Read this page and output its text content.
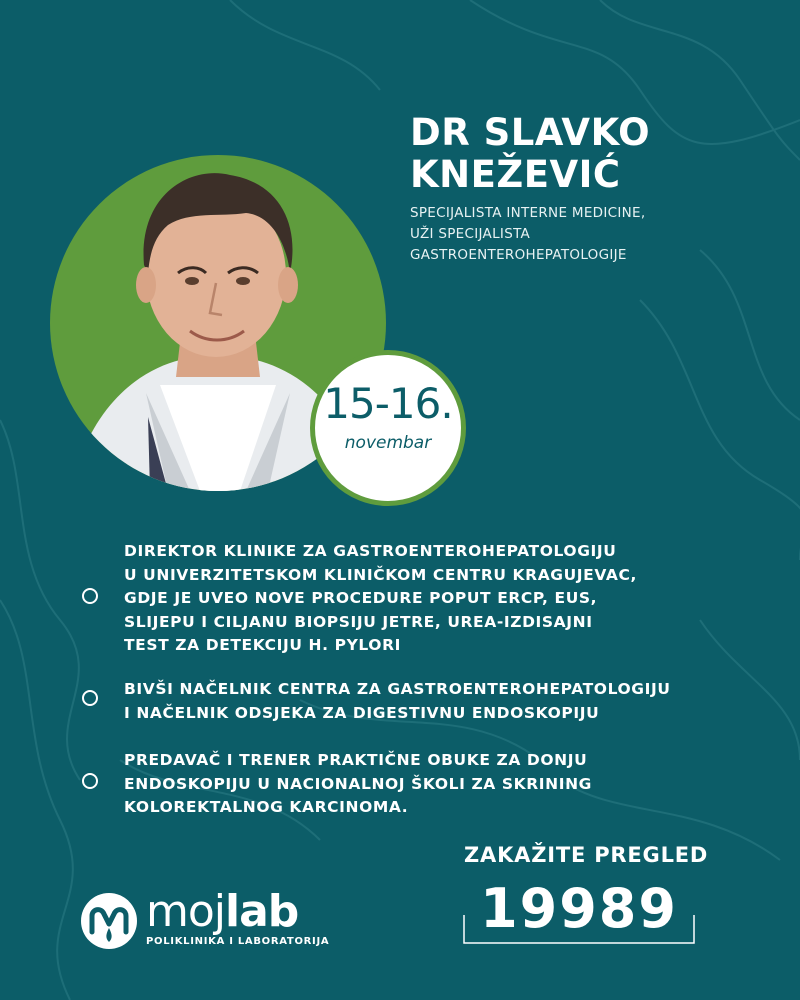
15-16.
novembar
DR SLAVKO
KNEŽEVIĆ
SPECIJALISTA INTERNE MEDICINE,
UŽI SPECIJALISTA
GASTROENTEROHEPATOLOGIJE
DIREKTOR KLINIKE ZA GASTROENTEROHEPATOLOGIJU
U UNIVERZITETSKOM KLINIČKOM CENTRU KRAGUJEVAC,
GDJE JE UVEO NOVE PROCEDURE POPUT ERCP, EUS,
SLIJEPU I CILJANU BIOPSIJU JETRE, UREA-IZDISAJNI
TEST ZA DETEKCIJU H. PYLORI
BIVŠI NAČELNIK CENTRA ZA GASTROENTEROHEPATOLOGIJU
I NAČELNIK ODSJEKA ZA DIGESTIVNU ENDOSKOPIJU
PREDAVAČ I TRENER PRAKTIČNE OBUKE ZA DONJU
ENDOSKOPIJU U NACIONALNOJ ŠKOLI ZA SKRINING
KOLOREKTALNOG KARCINOMA.
ZAKAŽITE PREGLED
19989
mojlab
POLIKLINIKA I LABORATORIJA
